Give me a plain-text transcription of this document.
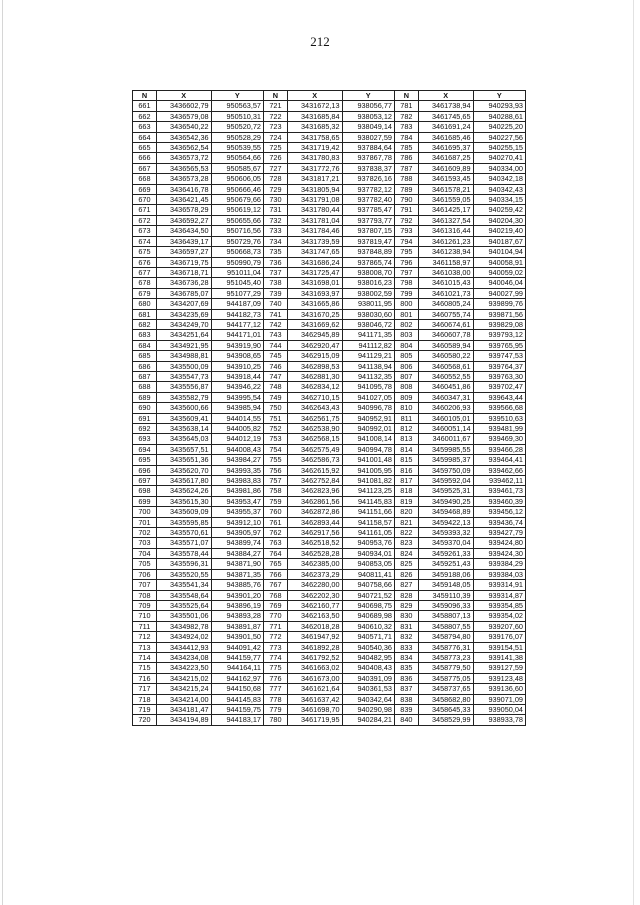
212
N	X	Y	N	X	Y	N	X	Y
661	3436602,79	950563,57	721	3431672,13	938056,77	781	3461738,94	940293,93
662	3436579,08	950510,31	722	3431685,84	938053,12	782	3461745,65	940288,61
663	3436540,22	950520,72	723	3431685,32	938049,14	783	3461691,24	940225,20
664	3436542,36	950528,29	724	3431758,65	938027,59	784	3461685,46	940227,56
665	3436562,54	950539,55	725	3431719,42	937884,64	785	3461695,37	940255,15
666	3436573,72	950564,66	726	3431780,83	937867,78	786	3461687,25	940270,41
667	3436565,53	950585,67	727	3431772,76	937838,37	787	3461609,89	940334,00
668	3436573,28	950606,05	728	3431817,21	937826,16	788	3461593,45	940342,18
669	3436416,78	950666,46	729	3431805,94	937782,12	789	3461578,21	940342,43
670	3436421,45	950679,66	730	3431791,08	937782,40	790	3461559,05	940334,15
671	3436578,29	950619,12	731	3431780,44	937785,47	791	3461425,17	940259,42
672	3436592,27	950655,66	732	3431781,04	937793,77	792	3461327,54	940204,30
673	3436434,50	950716,56	733	3431784,46	937807,15	793	3461316,44	940219,40
674	3436439,17	950729,76	734	3431739,59	937819,47	794	3461261,23	940187,67
675	3436597,27	950668,73	735	3431747,65	937848,89	795	3461238,94	940104,94
676	3436719,75	950990,79	736	3431686,24	937865,74	796	3461158,97	940058,91
677	3436718,71	951011,04	737	3431725,47	938008,70	797	3461038,00	940059,02
678	3436736,28	951045,40	738	3431698,01	938016,23	798	3461015,43	940046,04
679	3436785,07	951077,29	739	3431693,97	938002,59	799	3461021,73	940027,99
680	3434207,69	944187,09	740	3431665,86	938011,95	800	3460805,24	939899,76
681	3434235,69	944182,73	741	3431670,25	938030,60	801	3460755,74	939871,56
682	3434249,70	944177,12	742	3431669,62	938046,72	802	3460674,61	939829,08
683	3434251,64	944171,01	743	3462945,89	941171,35	803	3460607,78	939793,12
684	3434921,95	943919,90	744	3462920,47	941112,82	804	3460589,94	939765,95
685	3434988,81	943908,65	745	3462915,09	941129,21	805	3460580,22	939747,53
686	3435500,09	943910,25	746	3462898,53	941138,94	806	3460568,61	939764,37
687	3435547,73	943918,44	747	3462881,30	941132,35	807	3460552,55	939763,30
688	3435556,87	943946,22	748	3462834,12	941095,78	808	3460451,86	939702,47
689	3435582,79	943995,54	749	3462710,15	941027,05	809	3460347,31	939643,44
690	3435600,66	943985,94	750	3462643,43	940996,78	810	3460206,93	939566,68
691	3435609,41	944014,55	751	3462561,75	940952,91	811	3460105,01	939510,63
692	3435638,14	944005,82	752	3462538,90	940992,01	812	3460051,14	939481,99
693	3435645,03	944012,19	753	3462568,15	941008,14	813	3460011,67	939469,30
694	3435657,51	944008,43	754	3462575,49	940994,78	814	3459985,55	939466,28
695	3435651,36	943984,27	755	3462586,73	941001,48	815	3459985,37	939464,41
696	3435620,70	943993,35	756	3462615,92	941005,95	816	3459750,09	939462,66
697	3435617,80	943983,83	757	3462752,84	941081,82	817	3459592,04	939462,11
698	3435624,26	943981,86	758	3462823,96	941123,25	818	3459525,31	939461,73
699	3435615,30	943953,47	759	3462861,56	941145,83	819	3459490,25	939460,39
700	3435609,09	943955,37	760	3462872,86	941151,66	820	3459468,89	939456,12
701	3435595,85	943912,10	761	3462893,44	941158,57	821	3459422,13	939436,74
702	3435570,61	943905,97	762	3462917,56	941161,05	822	3459393,32	939427,79
703	3435571,07	943899,74	763	3462518,52	940953,76	823	3459370,04	939424,80
704	3435578,44	943884,27	764	3462528,28	940934,01	824	3459261,33	939424,30
705	3435596,31	943871,90	765	3462385,00	940853,05	825	3459251,43	939384,29
706	3435520,55	943871,35	766	3462373,29	940811,41	826	3459188,06	939384,03
707	3435541,34	943885,76	767	3462280,00	940758,66	827	3459148,05	939314,91
708	3435548,64	943901,20	768	3462202,30	940721,52	828	3459110,39	939314,87
709	3435525,64	943896,19	769	3462160,77	940698,75	829	3459096,33	939354,85
710	3435501,06	943893,28	770	3462163,50	940689,98	830	3458807,13	939354,02
711	3434982,78	943891,87	771	3462018,28	940610,32	831	3458807,55	939207,60
712	3434924,02	943901,50	772	3461947,92	940571,71	832	3458794,80	939176,07
713	3434412,93	944091,42	773	3461892,28	940540,36	833	3458776,31	939154,51
714	3434234,08	944159,77	774	3461792,52	940482,95	834	3458773,23	939141,38
715	3434223,50	944164,11	775	3461663,02	940408,43	835	3458779,50	939127,59
716	3434215,02	944162,97	776	3461673,00	940391,09	836	3458775,05	939123,48
717	3434215,24	944150,68	777	3461621,64	940361,53	837	3458737,65	939136,60
718	3434214,00	944145,83	778	3461637,42	940342,64	838	3458682,80	939071,09
719	3434181,47	944159,75	779	3461698,70	940290,98	839	3458645,33	939050,04
720	3434194,89	944183,17	780	3461719,95	940284,21	840	3458529,99	938933,78
